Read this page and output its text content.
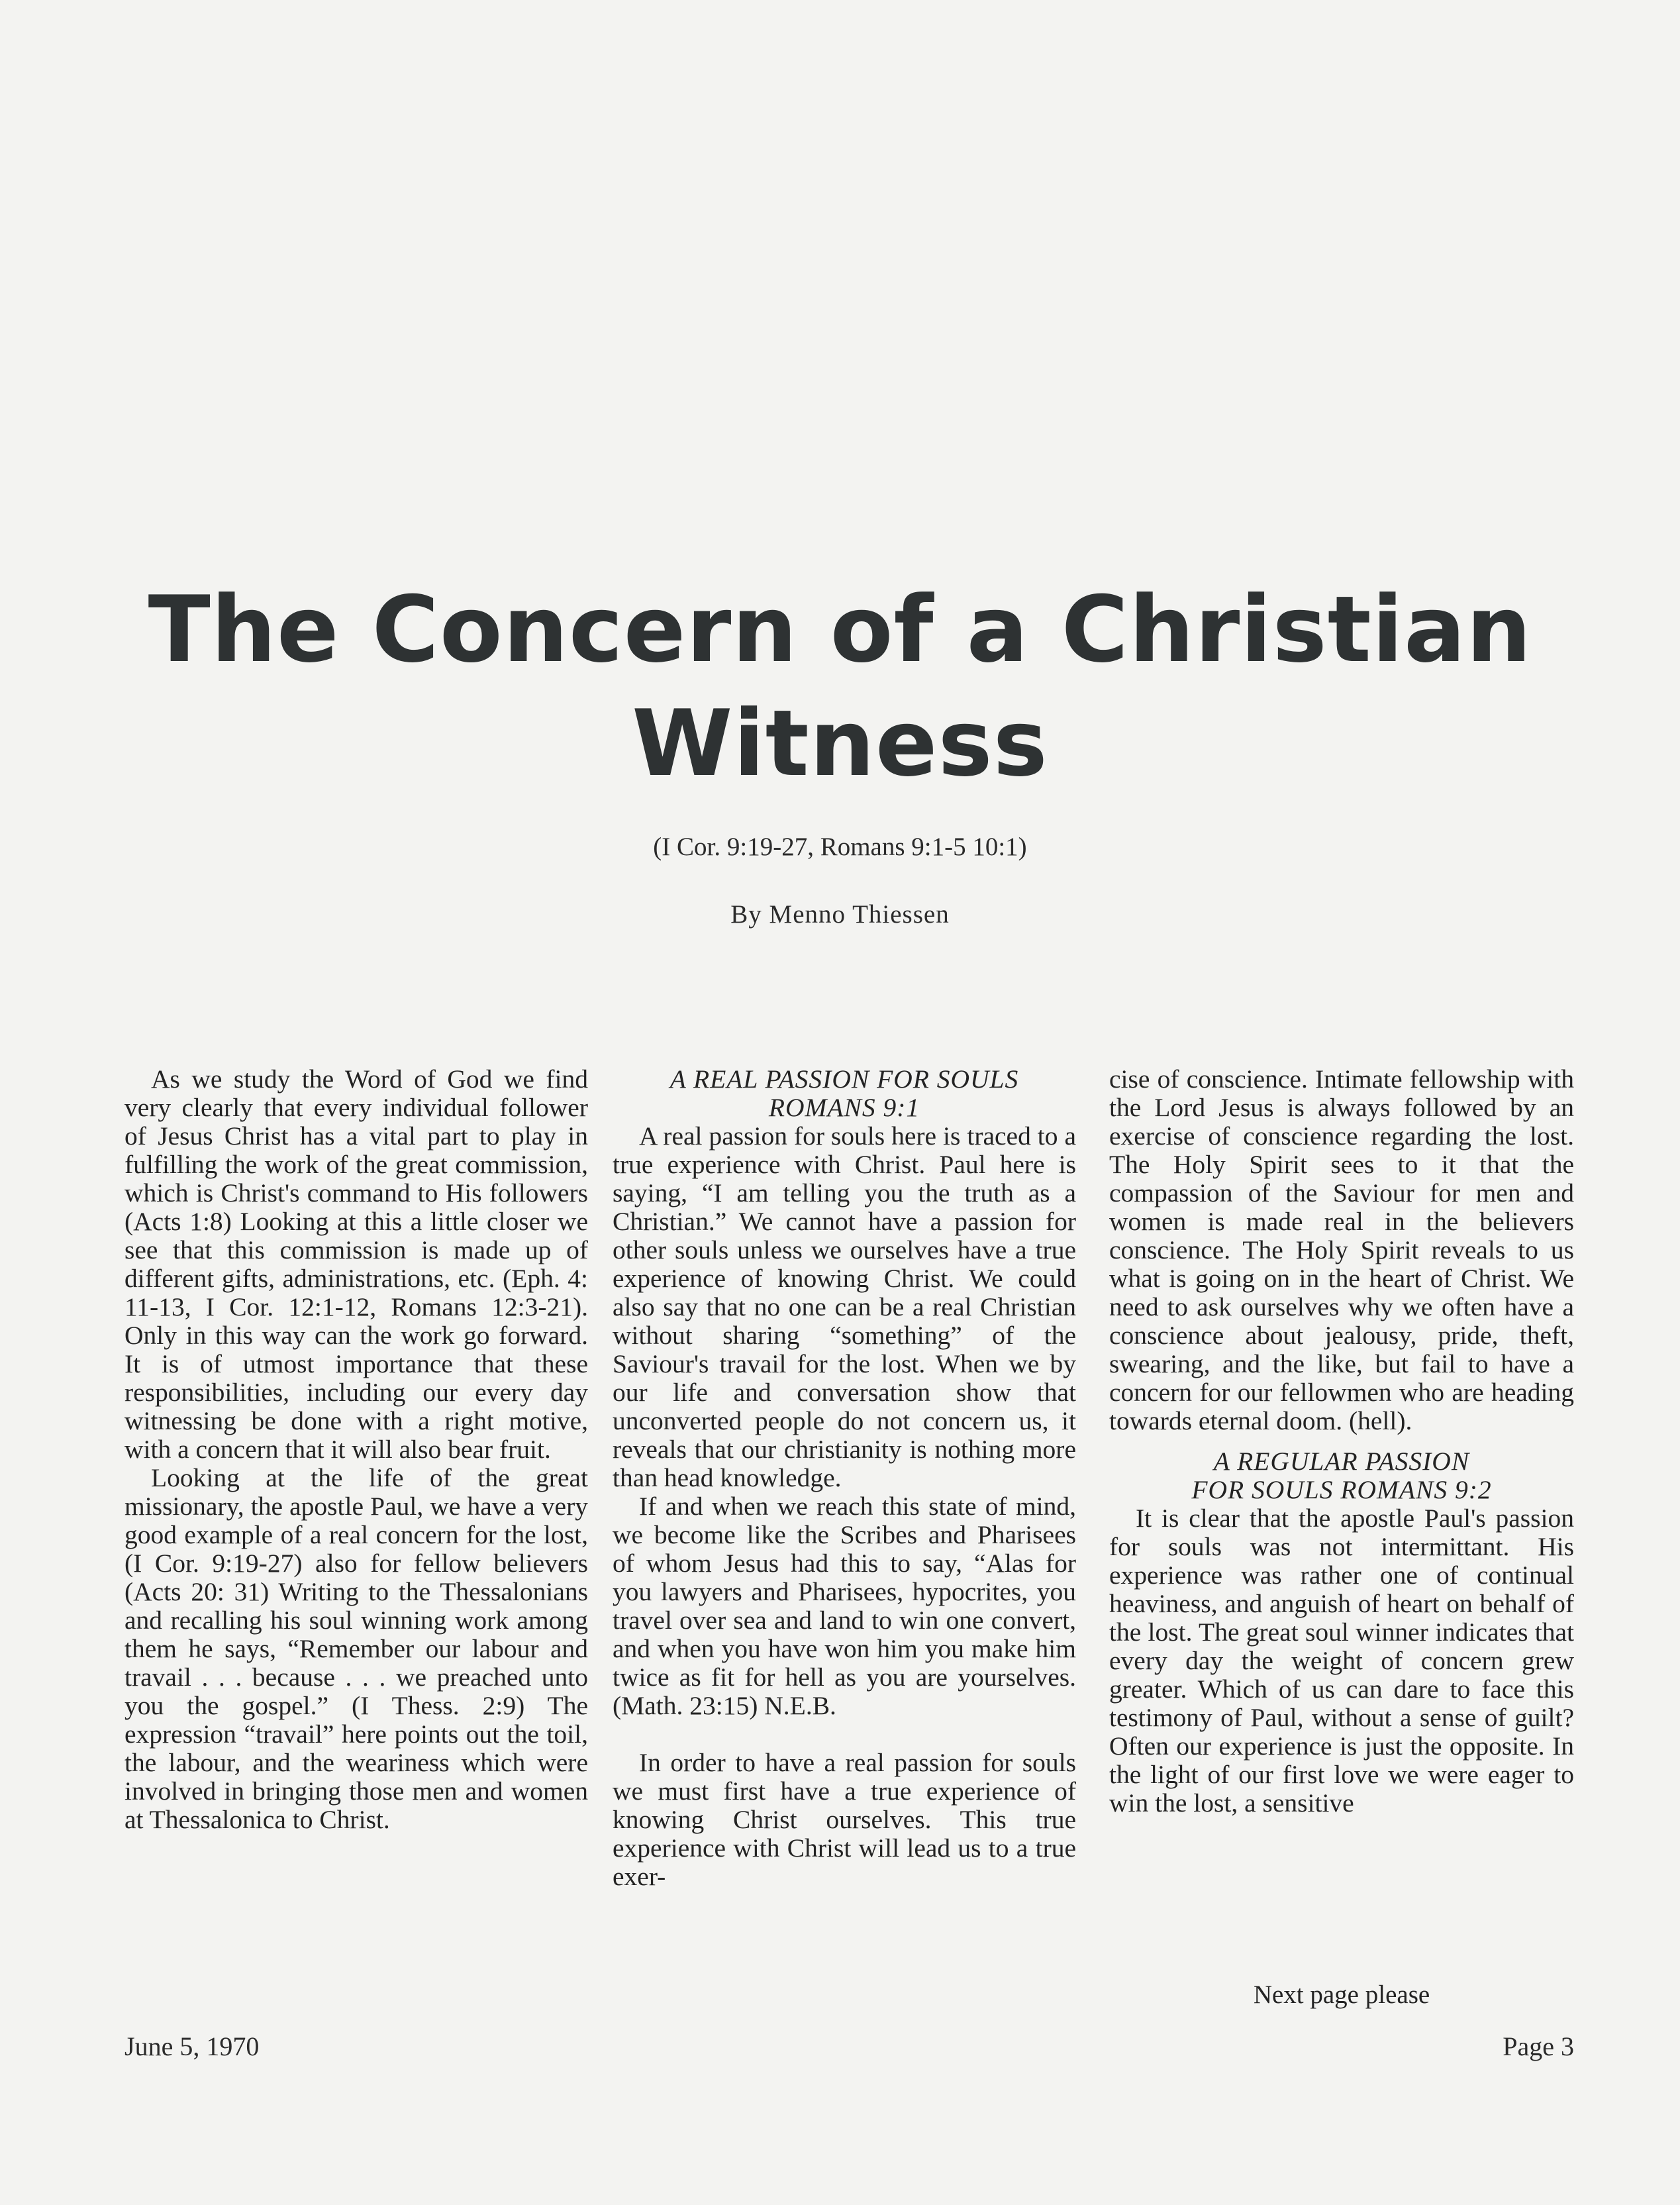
The Concern of a Christian
Witness
(I Cor. 9:19-27, Romans 9:1-5 10:1)
By Menno Thiessen

As we study the Word of God we find very clearly that every individual follower of Jesus Christ has a vital part to play in fulfilling the work of the great commission, which is Christ's command to His followers (Acts 1:8) Looking at this a little closer we see that this commission is made up of different gifts, administrations, etc. (Eph. 4: 11-13, I Cor. 12:1-12, Romans 12:3-21). Only in this way can the work go forward. It is of utmost importance that these responsibilities, including our every day witnessing be done with a right motive, with a concern that it will also bear fruit.

Looking at the life of the great missionary, the apostle Paul, we have a very good example of a real concern for the lost, (I Cor. 9:19-27) also for fellow believers (Acts 20: 31) Writing to the Thessalonians and recalling his soul winning work among them he says, “Remember our labour and travail . . . because . . . we preached unto you the gospel.” (I Thess. 2:9) The expression “travail” here points out the toil, the labour, and the weariness which were involved in bringing those men and women at Thessalonica to Christ.

A REAL PASSION FOR SOULS

ROMANS 9:1

A real passion for souls here is traced to a true experience with Christ. Paul here is saying, “I am telling you the truth as a Christian.” We cannot have a passion for other souls unless we ourselves have a true experience of knowing Christ. We could also say that no one can be a real Christian without sharing “something” of the Saviour's travail for the lost. When we by our life and conversation show that unconverted people do not concern us, it reveals that our christianity is nothing more than head knowledge.

If and when we reach this state of mind, we become like the Scribes and Pharisees of whom Jesus had this to say, “Alas for you lawyers and Pharisees, hypocrites, you travel over sea and land to win one convert, and when you have won him you make him twice as fit for hell as you are yourselves. (Math. 23:15) N.E.B.

In order to have a real passion for souls we must first have a true experience of knowing Christ ourselves. This true experience with Christ will lead us to a true exer-

cise of conscience. Intimate fellowship with the Lord Jesus is always followed by an exercise of conscience regarding the lost. The Holy Spirit sees to it that the compassion of the Saviour for men and women is made real in the believers conscience. The Holy Spirit reveals to us what is going on in the heart of Christ. We need to ask ourselves why we often have a conscience about jealousy, pride, theft, swearing, and the like, but fail to have a concern for our fellowmen who are heading towards eternal doom. (hell).

A REGULAR PASSION

FOR SOULS ROMANS 9:2

It is clear that the apostle Paul's passion for souls was not intermittant. His experience was rather one of continual heaviness, and anguish of heart on behalf of the lost. The great soul winner indicates that every day the weight of concern grew greater. Which of us can dare to face this testimony of Paul, without a sense of guilt? Often our experience is just the opposite. In the light of our first love we were eager to win the lost, a sensitive

Next page please
June 5, 1970	Page 3
